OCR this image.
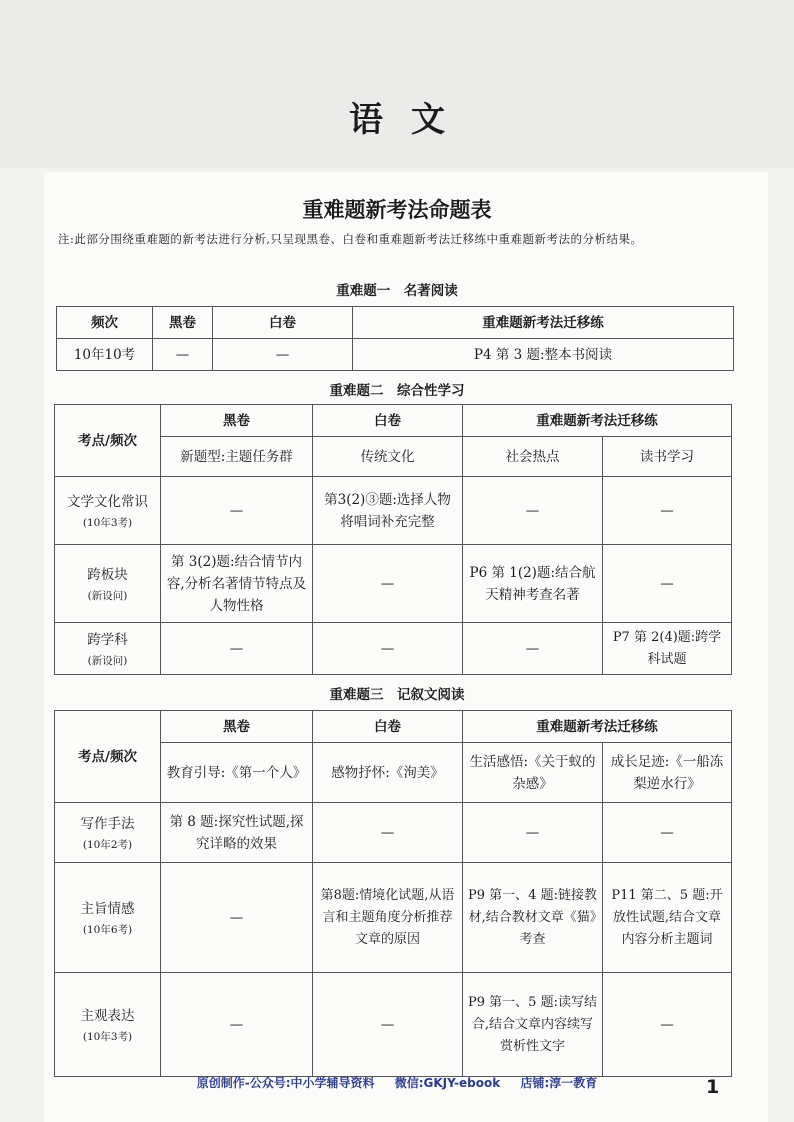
语文
重难题新考法命题表
注:此部分围绕重难题的新考法进行分析,只呈现黑卷、白卷和重难题新考法迁移练中重难题新考法的分析结果。
重难题一　名著阅读
频次	黑卷	白卷	重难题新考法迁移练
10年10考	—	—	P4 第 3 题:整本书阅读
重难题二　综合性学习
考点/频次	黑卷	白卷	重难题新考法迁移练	
	新题型:主题任务群	传统文化	社会热点	读书学习
文学文化常识
(10年3考)	—	第3(2)③题:选择人物将唱词补充完整	—	—
跨板块
(新设问)	第 3(2)题:结合情节内容,分析名著情节特点及人物性格	—	P6 第 1(2)题:结合航天精神考查名著	—
跨学科
(新设问)	—	—	—	P7 第 2(4)题:跨学科试题
重难题三　记叙文阅读
考点/频次	黑卷	白卷	重难题新考法迁移练	
	教育引导:《第一个人》	感物抒怀:《洵美》	生活感悟:《关于蚁的杂感》	成长足迹:《一船冻梨逆水行》
写作手法
(10年2考)	第 8 题:探究性试题,探究详略的效果	—	—	—
主旨情感
(10年6考)	—	第8题:情境化试题,从语言和主题角度分析推荐文章的原因	P9 第一、4 题:链接教材,结合教材文章《猫》考查	P11 第二、5 题:开放性试题,结合文章内容分析主题词
主观表达
(10年3考)	—	—	P9 第一、5 题:读写结合,结合文章内容续写赏析性文字	—
原创制作-公众号:中小学辅导资料 微信:GKJY-ebook 店铺:淳一教育	1
